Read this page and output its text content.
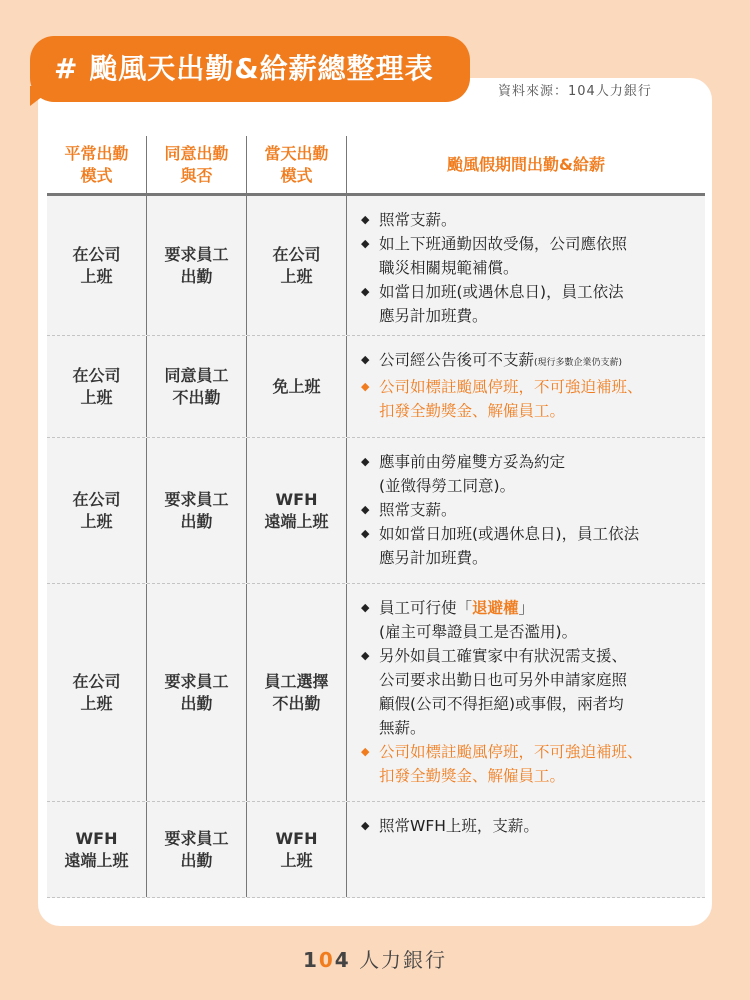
# 颱風天出勤&給薪總整理表
資料來源：104人力銀行
平常出勤
模式
同意出勤
與否
當天出勤
模式
颱風假期間出勤&給薪
在公司
上班
要求員工
出勤
在公司
上班
◆ 照常支薪。
◆ 如上下班通勤因故受傷，公司應依照
職災相關規範補償。
◆ 如當日加班(或遇休息日)，員工依法
應另計加班費。
在公司
上班
同意員工
不出勤
免上班
◆ 公司經公告後可不支薪(現行多數企業仍支薪)
◆ 公司如標註颱風停班，不可強迫補班、
扣發全勤獎金、解僱員工。
在公司
上班
要求員工
出勤
WFH
遠端上班
◆ 應事前由勞雇雙方妥為約定
(並徵得勞工同意)。
◆ 照常支薪。
◆ 如如當日加班(或遇休息日)，員工依法
應另計加班費。
在公司
上班
要求員工
出勤
員工選擇
不出勤
◆ 員工可行使「退避權」
(雇主可舉證員工是否濫用)。
◆ 另外如員工確實家中有狀況需支援、
公司要求出勤日也可另外申請家庭照
顧假(公司不得拒絕)或事假，兩者均
無薪。
◆ 公司如標註颱風停班，不可強迫補班、
扣發全勤獎金、解僱員工。
WFH
遠端上班
要求員工
出勤
WFH
上班
◆ 照常WFH上班，支薪。
104 人力銀行
